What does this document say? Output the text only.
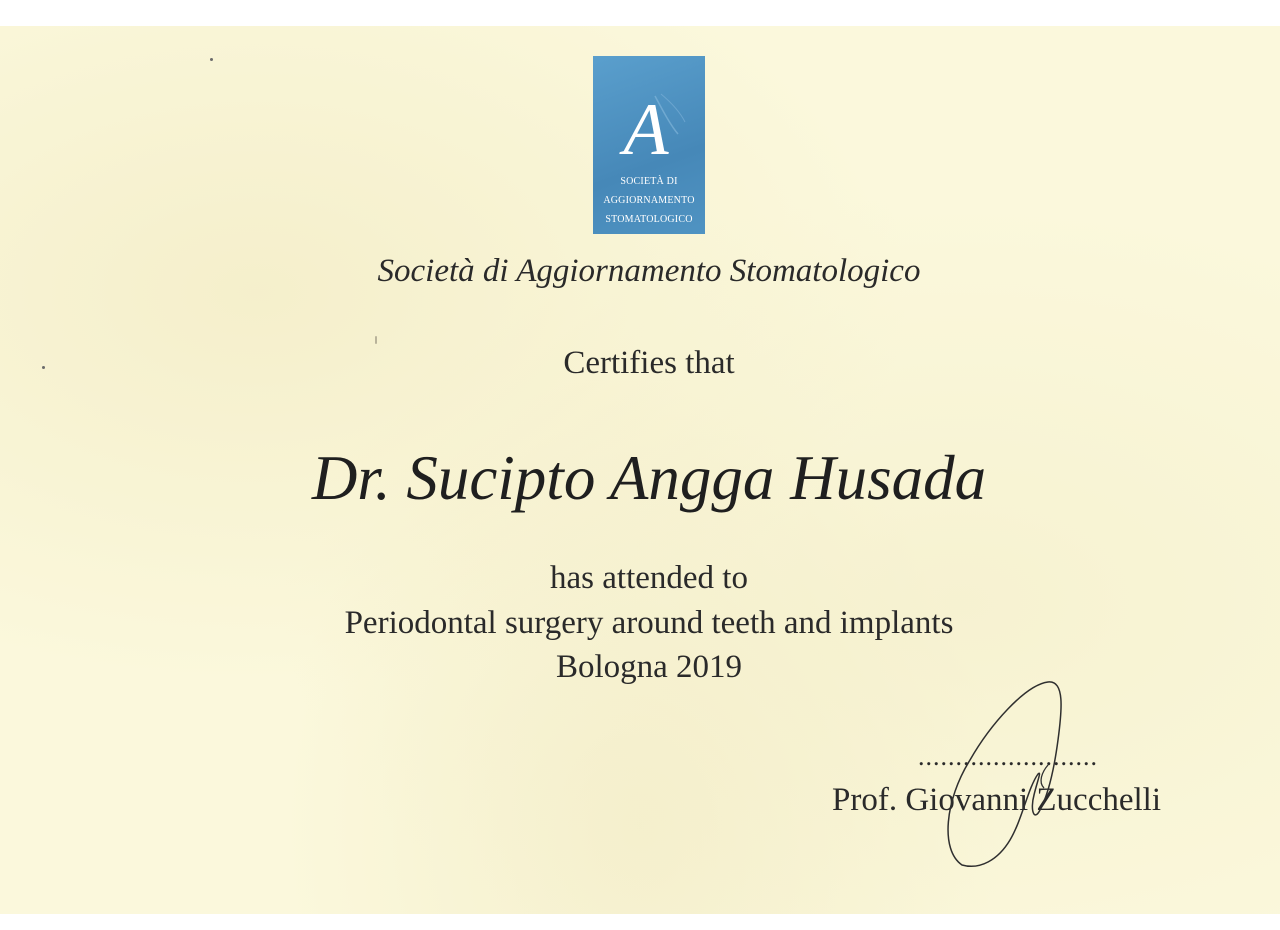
A
SOCIETÀ DI
AGGIORNAMENTO
STOMATOLOGICO
Società di Aggiornamento Stomatologico
Certifies that
Dr. Sucipto Angga Husada
has attended to
Periodontal surgery around teeth and implants
Bologna 2019
........................
Prof. Giovanni Zucchelli
